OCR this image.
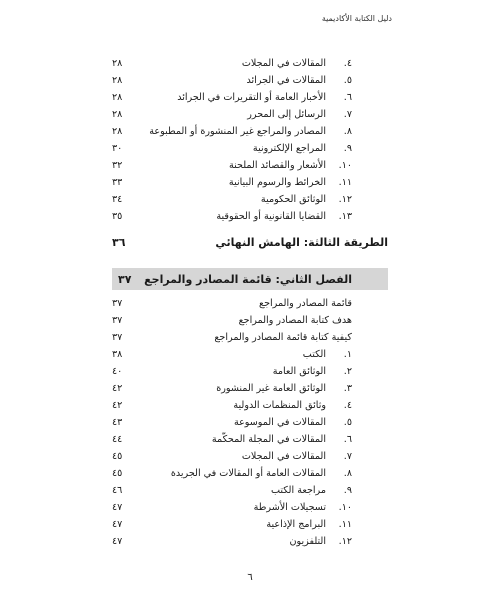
دليل الكتابة الأكاديمية
٤.
المقالات في المجلات
٢٨
٥.
المقالات في الجرائد
٢٨
٦.
الأخبار العامة أو التقريرات في الجرائد
٢٨
٧.
الرسائل إلى المحرر
٢٨
٨.
المصادر والمراجع غير المنشورة أو المطبوعة
٢٨
٩.
المراجع الإلكترونية
٣٠
١٠.
الأشعار والقصائد الملحنة
٣٢
١١.
الخرائط والرسوم البيانية
٣٣
١٢.
الوثائق الحكومية
٣٤
١٣.
القضايا القانونية أو الحقوقية
٣٥
الطريقة الثالثة: الهامش النهائي
٣٦
الفصل الثاني: قائمة المصادر والمراجع
٣٧
قائمة المصادر والمراجع
٣٧
هدف كتابة المصادر والمراجع
٣٧
كيفية كتابة قائمة المصادر والمراجع
٣٧
١.
الكتب
٣٨
٢.
الوثائق العامة
٤٠
٣.
الوثائق العامة غير المنشورة
٤٢
٤.
وثائق المنظمات الدولية
٤٢
٥.
المقالات في الموسوعة
٤٣
٦.
المقالات في المجلة المحكّمة
٤٤
٧.
المقالات في المجلات
٤٥
٨.
المقالات العامة أو المقالات في الجريدة
٤٥
٩.
مراجعة الكتب
٤٦
١٠.
تسجيلات الأشرطة
٤٧
١١.
البرامج الإذاعية
٤٧
١٢.
التلفزيون
٤٧
٦
